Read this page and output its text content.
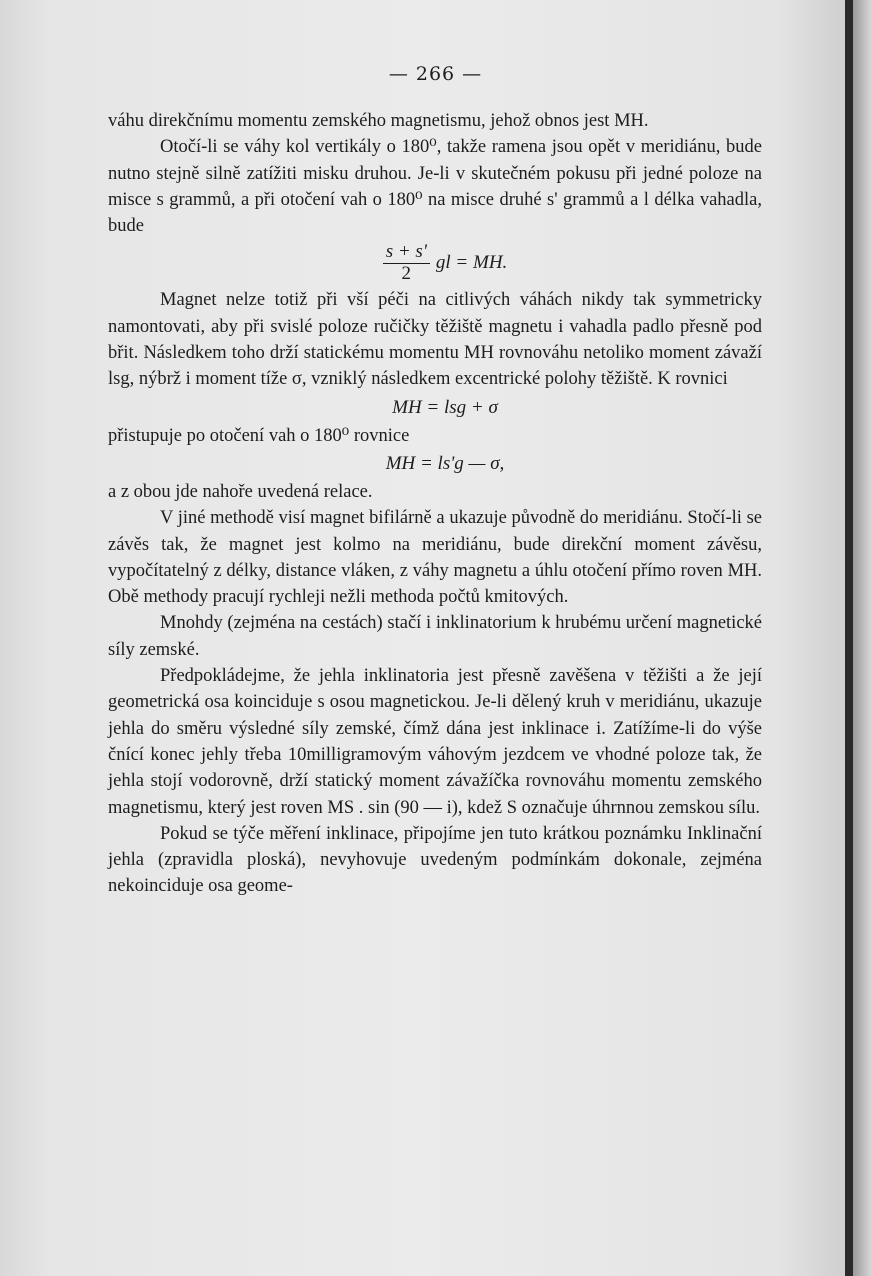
— 266 —

váhu direkčnímu momentu zemského magnetismu, jehož obnos jest MH.

Otočí-li se váhy kol vertikály o 180⁰, takže ramena jsou opět v meridiánu, bude nutno stejně silně zatížiti misku druhou. Je-li v skutečném pokusu při jedné poloze na misce s grammů, a při otočení vah o 180⁰ na misce druhé s' grammů a l délka vahadla, bude

$\frac{s + s'}{2}$ gl = MH.

Magnet nelze totiž při vší péči na citlivých váhách nikdy tak symmetricky namontovati, aby při svislé poloze ručičky těžiště magnetu i vahadla padlo přesně pod břit. Následkem toho drží statickému momentu MH rovnováhu netoliko moment závaží lsg, nýbrž i moment tíže σ, vzniklý následkem excentrické polohy těžiště. K rovnici

MH = lsg + σ

přistupuje po otočení vah o 180⁰ rovnice

MH = ls'g — σ,

a z obou jde nahoře uvedená relace.

V jiné methodě visí magnet bifilárně a ukazuje původně do meridiánu. Stočí-li se závěs tak, že magnet jest kolmo na meridiánu, bude direkční moment závěsu, vypočítatelný z délky, distance vláken, z váhy magnetu a úhlu otočení přímo roven MH. Obě methody pracují rychleji nežli methoda počtů kmitových.

Mnohdy (zejména na cestách) stačí i inklinatorium k hrubému určení magnetické síly zemské.

Předpokládejme, že jehla inklinatoria jest přesně zavěšena v těžišti a že její geometrická osa koinciduje s osou magnetickou. Je-li dělený kruh v meridiánu, ukazuje jehla do směru výsledné síly zemské, čímž dána jest inklinace i. Zatížíme-li do výše čnící konec jehly třeba 10milligramovým váhovým jezdcem ve vhodné poloze tak, že jehla stojí vodorovně, drží statický moment závažíčka rovnováhu momentu zemského magnetismu, který jest roven MS . sin (90 — i), kdež S označuje úhrnnou zemskou sílu.

Pokud se týče měření inklinace, připojíme jen tuto krátkou poznámku Inklinační jehla (zpravidla ploská), nevyhovuje uvedeným podmínkám dokonale, zejména nekoinciduje osa geome-
